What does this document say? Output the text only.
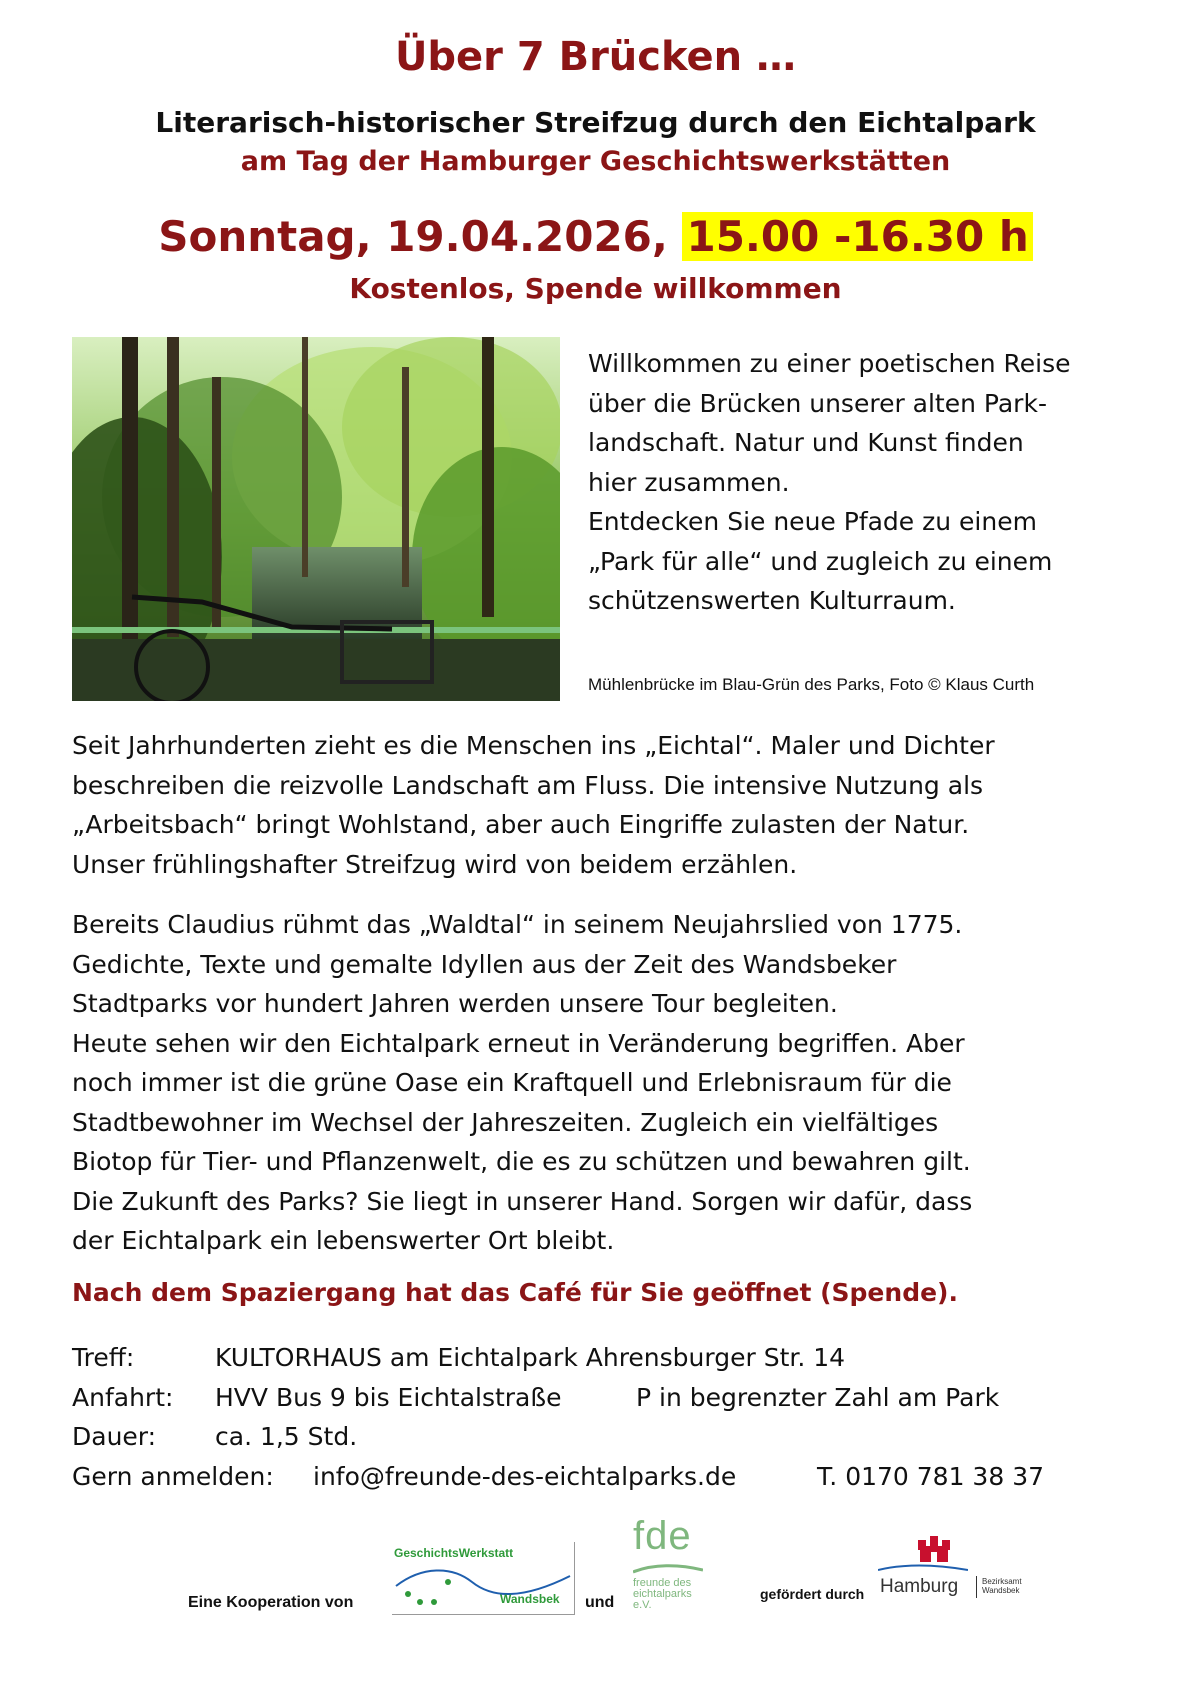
Über 7 Brücken …
Literarisch-historischer Streifzug durch den Eichtalpark
am Tag der Hamburger Geschichtswerkstätten
Sonntag, 19.04.2026, 15.00 -16.30 h
Kostenlos, Spende willkommen
Willkommen zu einer poetischen Reise
über die Brücken unserer alten Park-
landschaft. Natur und Kunst finden
hier zusammen.
Entdecken Sie neue Pfade zu einem
„Park für alle“ und zugleich zu einem
schützenswerten Kulturraum.
Mühlenbrücke im Blau-Grün des Parks, Foto © Klaus Curth
Seit Jahrhunderten zieht es die Menschen ins „Eichtal“. Maler und Dichter
beschreiben die reizvolle Landschaft am Fluss. Die intensive Nutzung als
„Arbeitsbach“ bringt Wohlstand, aber auch Eingriffe zulasten der Natur.
Unser frühlingshafter Streifzug wird von beidem erzählen.
Bereits Claudius rühmt das „Waldtal“ in seinem Neujahrslied von 1775.
Gedichte, Texte und gemalte Idyllen aus der Zeit des Wandsbeker
Stadtparks vor hundert Jahren werden unsere Tour begleiten.
Heute sehen wir den Eichtalpark erneut in Veränderung begriffen. Aber
noch immer ist die grüne Oase ein Kraftquell und Erlebnisraum für die
Stadtbewohner im Wechsel der Jahreszeiten. Zugleich ein vielfältiges
Biotop für Tier- und Pflanzenwelt, die es zu schützen und bewahren gilt.
Die Zukunft des Parks? Sie liegt in unserer Hand. Sorgen wir dafür, dass
der Eichtalpark ein lebenswerter Ort bleibt.
Nach dem Spaziergang hat das Café für Sie geöffnet (Spende).
Treff:	KULTORHAUS am Eichtalpark Ahrensburger Str. 14
Anfahrt: HVV Bus 9 bis Eichtalstraße	P in begrenzter Zahl am Park
Dauer: ca. 1,5 Std.
Gern anmelden: info@freunde-des-eichtalparks.de	T. 0170 781 38 37
Eine Kooperation von
GeschichtsWerkstatt
Wandsbek und
fde
freunde des
eichtalparks
e.V.
gefördert durch Hamburg	Bezirksamt
Wandsbek
